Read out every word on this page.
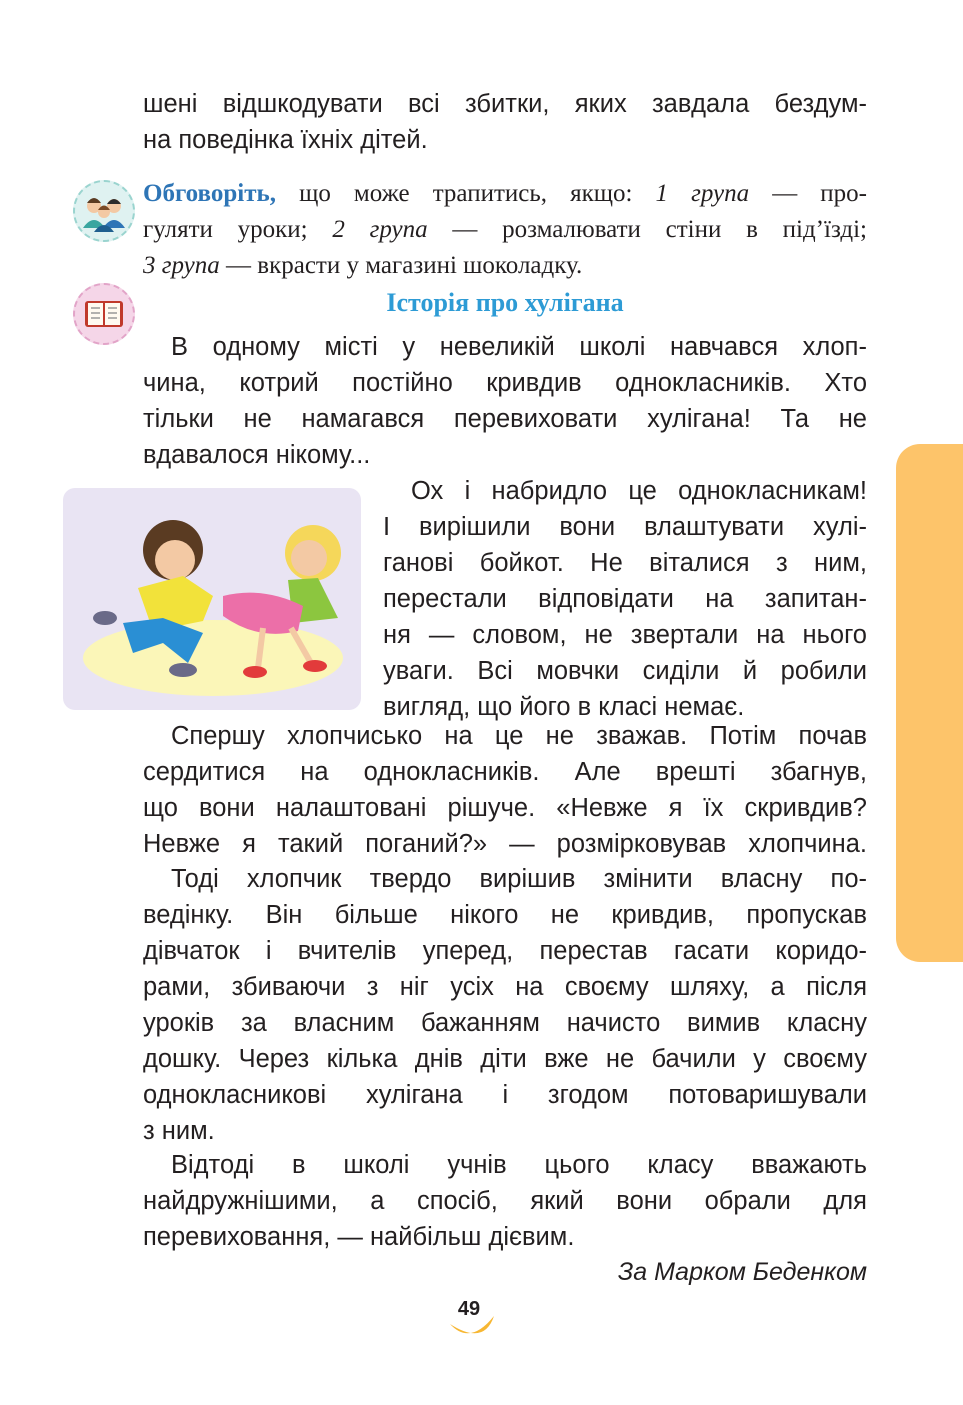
шені відшкодувати всі збитки, яких завдала бездум-
на поведінка їхніх дітей.
Обговоріть, що може трапитись, якщо: 1 група — про-
гуляти уроки; 2 група — розмалювати стіни в під’їзді;
3 група — вкрасти у магазині шоколадку.
Історія про хулігана
В одному місті у невеликій школі навчався хлоп-
чина, котрий постійно кривдив однокласників. Хто
тільки не намагався перевиховати хулігана! Та не
вдавалося нікому...
Ох і набридло це однокласникам!
І вирішили вони влаштувати хулі-
ганові бойкот. Не віталися з ним,
перестали відповідати на запитан-
ня — словом, не звертали на нього
уваги. Всі мовчки сиділи й робили
вигляд, що його в класі немає.
Спершу хлопчисько на це не зважав. Потім почав
сердитися на однокласників. Але врешті збагнув,
що вони налаштовані рішуче. «Невже я їх скривдив?
Невже я такий поганий?» — розмірковував хлопчина.
Тоді хлопчик твердо вирішив змінити власну по-
ведінку. Він більше нікого не кривдив, пропускав
дівчаток і вчителів уперед, перестав гасати коридо-
рами, збиваючи з ніг усіх на своєму шляху, а після
уроків за власним бажанням начисто вимив класну
дошку. Через кілька днів діти вже не бачили у своєму
однокласникові хулігана і згодом потоваришували
з ним.
Відтоді в школі учнів цього класу вважають
найдружнішими, а спосіб, який вони обрали для
перевиховання, — найбільш дієвим.
За Марком Беденком
49
